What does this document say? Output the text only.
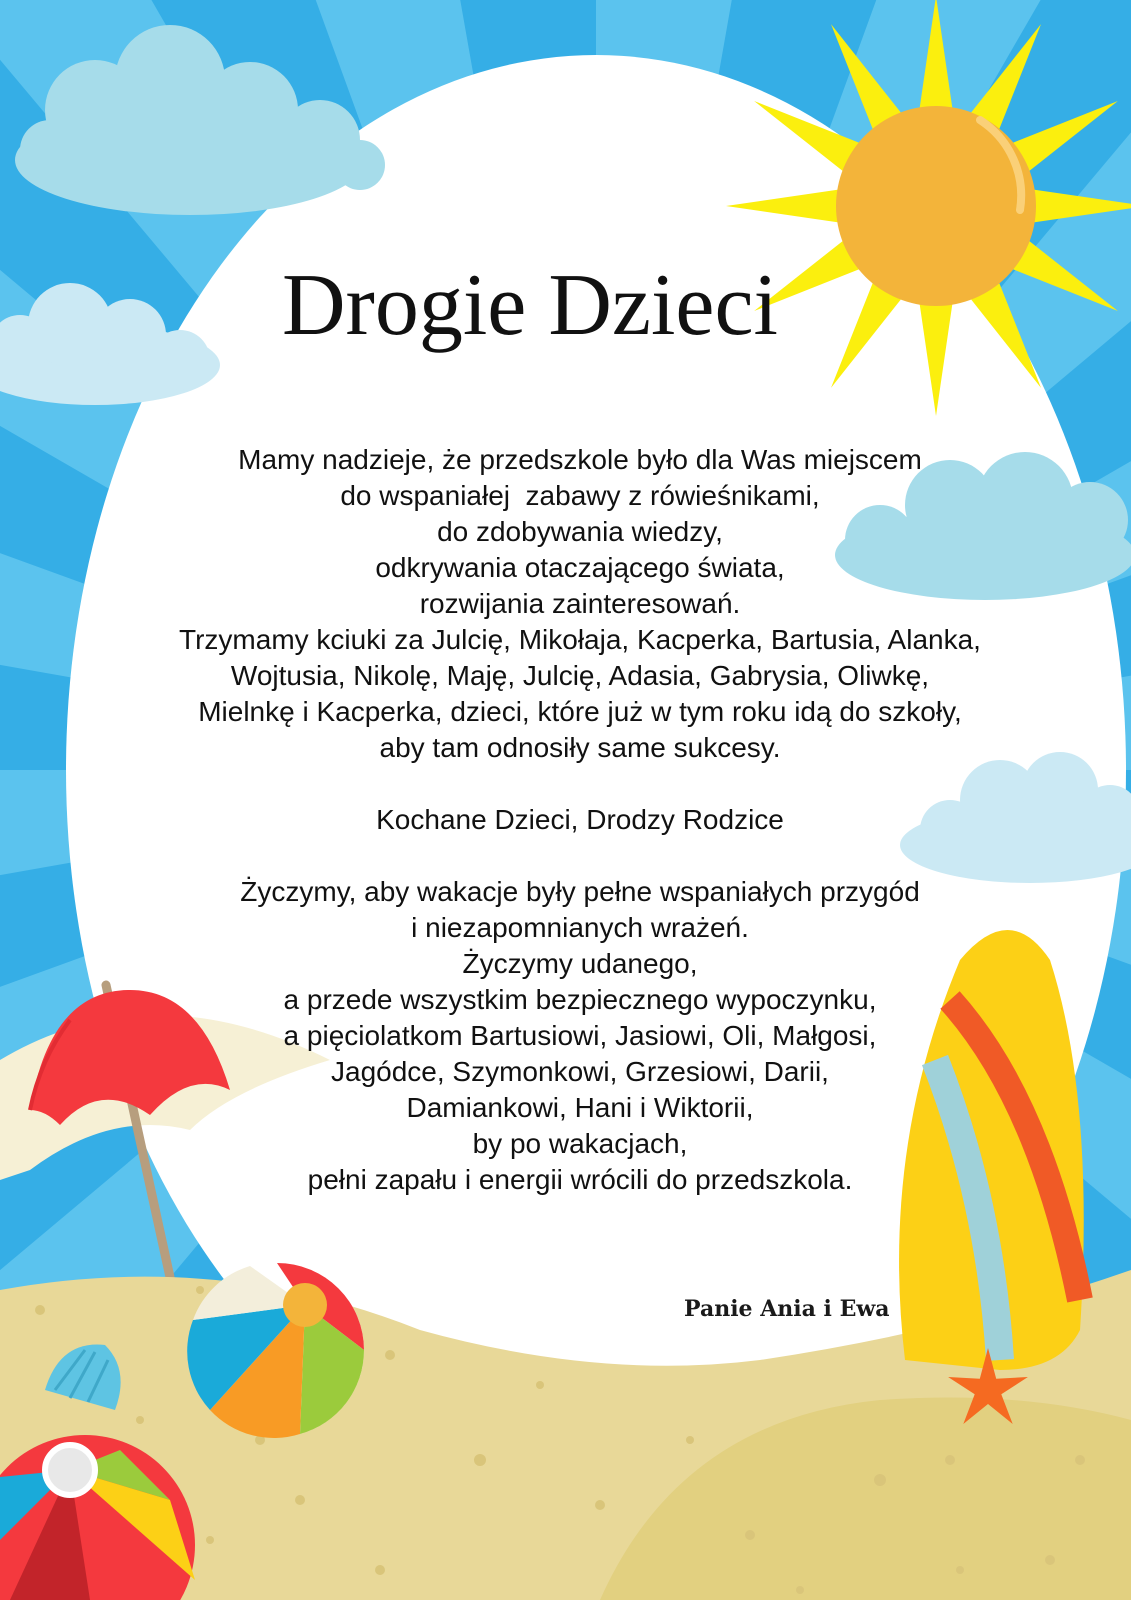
Drogie Dzieci
Mamy nadzieje, że przedszkole było dla Was miejscem
do wspaniałej  zabawy z rówieśnikami,
do zdobywania wiedzy,
odkrywania otaczającego świata,
rozwijania zainteresowań.
Trzymamy kciuki za Julcię, Mikołaja, Kacperka, Bartusia, Alanka,
Wojtusia, Nikolę, Maję, Julcię, Adasia, Gabrysia, Oliwkę,
Mielnkę i Kacperka, dzieci, które już w tym roku idą do szkoły,
aby tam odnosiły same sukcesy.
Kochane Dzieci, Drodzy Rodzice
Życzymy, aby wakacje były pełne wspaniałych przygód
i niezapomnianych wrażeń.
Życzymy udanego,
a przede wszystkim bezpiecznego wypoczynku,
a pięciolatkom Bartusiowi, Jasiowi, Oli, Małgosi,
Jagódce, Szymonkowi, Grzesiowi, Darii,
Damiankowi, Hani i Wiktorii,
by po wakacjach,
pełni zapału i energii wrócili do przedszkola.
Panie Ania i Ewa
